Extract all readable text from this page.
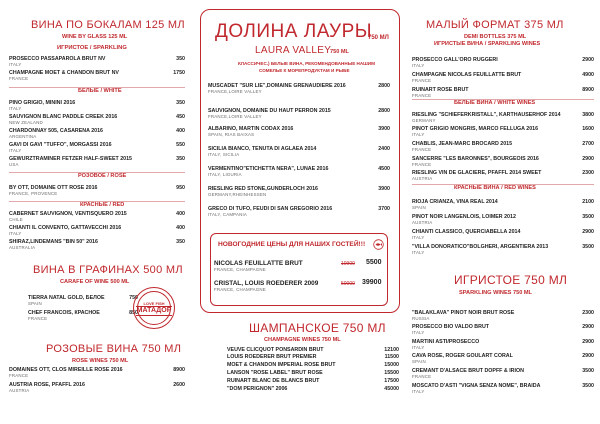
ВИНА ПО БОКАЛАМ 125 МЛ
WINE BY GLASS 125 ML
ИГРИСТОЕ / SPARKLING
PROSECCO PASSAPAROLA BRUT NV	350
ITALY
CHAMPAGNE MOET & CHANDON BRUT NV	1750
FRANCE
БЕЛЫЕ / WHITE
PINO GRIGIO, MININI 2016	350
ITALY
SAUVIGNON BLANC PADDLE CREEK 2016	450
NEW ZEALAND
CHARDONNAY 505, CASARENA 2016	400
ARGENTINA
GAVI DI GAVI "TUFFO", MORGASSI 2016	550
ITALY
GEWURZTRAMINER FETZER HALF-SWEET 2015	350
USA
РОЗОВОЕ / ROSE
BY OTT, DOMAINE OTT ROSE 2016	950
FRANCE, PROVENCE
КРАСНЫЕ / RED
CABERNET SAUVIGNON, VENTISQUERO 2015	400
CHILE
CHIANTI IL CONVENTO, GATTAVECCHI 2016	400
ITALY
SHIRAZ,LINDEMANS "BIN 50" 2016	350
AUSTRALIA
ВИНА В ГРАФИНАХ 500 МЛ
CARAFE OF WINE 500 ML
TIERRA NATAL GOLD, БЕЛОЕ	750
SPAIN
CHEF FRANCOIS, КРАСНОЕ	850
FRANCE
LOVE FISH
МАТАДОР
РОЗОВЫЕ ВИНА 750 МЛ
ROSE WINES 750 ML
DOMAINES OTT, CLOS MIREILLE ROSE 2016	8900
FRANCE
AUSTRIA ROSE, PFAFFL 2016	2600
AUSTRIA
ДОЛИНА ЛАУРЫ
750 МЛ
LAURA VALLEY
750 ML
КЛАССИЧЕС.) БЕЛЫЕ ВИНА, РЕКОМЕНДОВАННЫЕ НАШИМ
СОМЕЛЬЕ К МОРЕПРОДУКТАМ И РЫБЕ
MUSCADET "SUR LIE",DOMAINE GRENAUDIERE 2016	2800
FRANCE,LOIRE VALLEY
SAUVIGNON, DOMAINE DU HAUT PERRON 2015	2800
FRANCE,LOIRE VALLEY
ALBARINO, MARTIN CODAX 2016	3900
SPAIN, RIAS BAIXAS
SICILIA BIANCO, TENUTA DI AGLAEA 2014	2400
ITALY, SICILIA
VERMENTINO"ETICHETTA NERA", LUNAE 2016	4500
ITALY, LIGURIA
RIESLING RED STONE,GUNDERLOCH 2016	3900
GERMANY,RHEINHESSEN
GRECO DI TUFO, FEUDI DI SAN GREGORIO 2016	3700
ITALY, CAMPANIA
НОВОГОДНИЕ ЦЕНЫ ДЛЯ НАШИХ ГОСТЕЙ!!!
NICOLAS FEUILLATTE BRUT	10900 5500
FRANCE, CHAMPAGNE
CRISTAL, LOUIS ROEDERER 2009	50000 39900
FRANCE, CHAMPAGNE
ШАМПАНСКОЕ 750 МЛ
CHAMPAGNE WINES 750 ML
VEUVE CLICQUOT PONSARDIN BRUT	12100
LOUIS ROEDERER BRUT PREMIER	11500
MOET & CHANDON IMPERIAL ROSE BRUT	15000
LANSON "ROSE LABEL" BRUT ROSE	15500
RUINART BLANC DE BLANCS BRUT	17500
"DOM PERIGNON" 2006	45000
МАЛЫЙ ФОРМАТ 375 МЛ
DEMI BOTTLES 375 ML
ИГРИСТЫЕ ВИНА / SPARKLING WINES
PROSECCO GALL'ORO RUGGERI	2900
ITALY
CHAMPAGNE NICOLAS FEUILLATTE BRUT	4900
FRANCE
RUINART ROSE BRUT	8900
FRANCE
БЕЛЫЕ ВИНА / WHITE WINES
RIESLING "SCHIEFERKRISTALL", KARTHAUSERHOF 2014	3800
GERMANY
PINOT GRIGIO MONGRIS, MARCO FELLUGA 2016	1600
ITALY
CHABLIS, JEAN-MARC BROCARD 2015	2700
FRANCE
SANCERRE "LES BARONNES", BOURGEOIS 2016	2900
FRANCE
RIESLING VIN DE GLACIERE, PFAFFL 2014 SWEET	2300
AUSTRIA
КРАСНЫЕ ВИНА / RED WINES
RIOJA CRIANZA, VINA REAL 2014	2100
SPAIN
PINOT NOIR LANGENLOIS, LOIMER 2012	3500
AUSTRIA
CHIANTI CLASSICO, QUERCIABELLA 2014	2900
ITALY
"VILLA DONORATICO"BOLGHERI, ARGENTIERA 2013	3500
ITALY
ИГРИСТОЕ 750 МЛ
SPARKLING WINES 750 ML
"BALAKLAVA" PINOT NOIR BRUT ROSE	2300
RUSSIA
PROSECCO BIO VALDO BRUT	2900
ITALY
MARTINI ASTI/PROSECCO	2900
ITALY
CAVA ROSE, ROGER GOULART CORAL	2900
SPAIN
CREMANT D'ALSACE BRUT DOPFF & IRION	3500
FRANCE
MOSCATO D'ASTI "VIGNA SENZA NOME", BRAIDA	3500
ITALY
